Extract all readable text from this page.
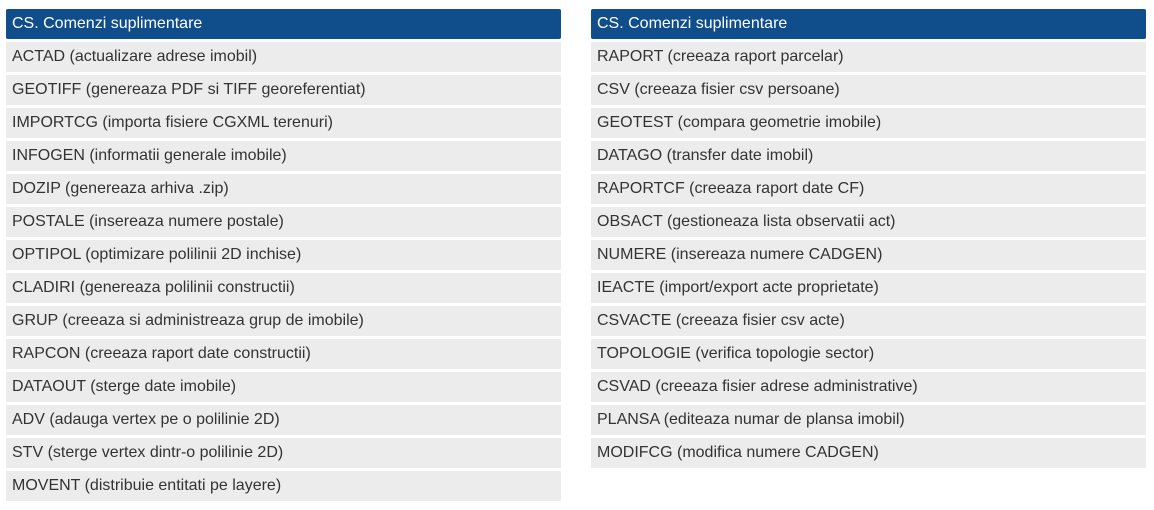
CS. Comenzi suplimentare
ACTAD (actualizare adrese imobil)
GEOTIFF (genereaza PDF si TIFF georeferentiat)
IMPORTCG (importa fisiere CGXML terenuri)
INFOGEN (informatii generale imobile)
DOZIP (genereaza arhiva .zip)
POSTALE (insereaza numere postale)
OPTIPOL (optimizare polilinii 2D inchise)
CLADIRI (genereaza polilinii constructii)
GRUP (creeaza si administreaza grup de imobile)
RAPCON (creeaza raport date constructii)
DATAOUT (sterge date imobile)
ADV (adauga vertex pe o polilinie 2D)
STV (sterge vertex dintr-o polilinie 2D)
MOVENT (distribuie entitati pe layere)
CS. Comenzi suplimentare
RAPORT (creeaza raport parcelar)
CSV (creeaza fisier csv persoane)
GEOTEST (compara geometrie imobile)
DATAGO (transfer date imobil)
RAPORTCF (creeaza raport date CF)
OBSACT (gestioneaza lista observatii act)
NUMERE (insereaza numere CADGEN)
IEACTE (import/export acte proprietate)
CSVACTE (creeaza fisier csv acte)
TOPOLOGIE (verifica topologie sector)
CSVAD (creeaza fisier adrese administrative)
PLANSA (editeaza numar de plansa imobil)
MODIFCG (modifica numere CADGEN)
